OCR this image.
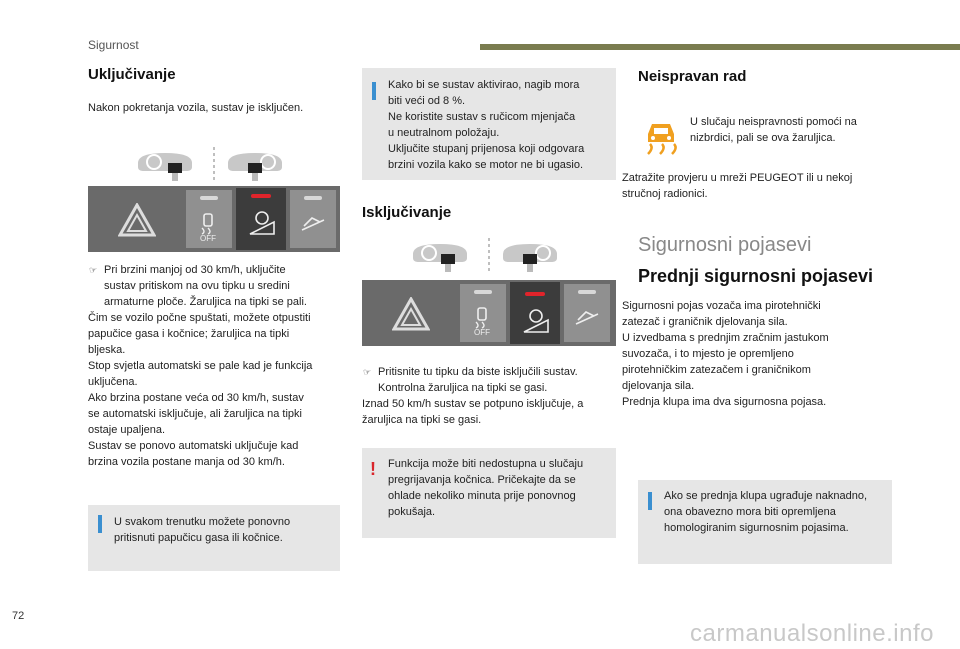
Sigurnost
Uključivanje

Nakon pokretanja vozila, sustav je isključen.

OFF
☞ Pri brzini manjoj od 30 km/h, uključite

sustav pritiskom na ovu tipku u sredini

armaturne ploče. Žaruljica na tipki se pali.

Čim se vozilo počne spuštati, možete otpustiti

papučice gasa i kočnice; žaruljica na tipki

bljeska.

Stop svjetla automatski se pale kad je funkcija

uključena.

Ako brzina postane veća od 30 km/h, sustav

se automatski isključuje, ali žaruljica na tipki

ostaje upaljena.

Sustav se ponovo automatski uključuje kad

brzina vozila postane manja od 30 km/h.

U svakom trenutku možete ponovno

pritisnuti papučicu gasa ili kočnice.

Kako bi se sustav aktivirao, nagib mora

biti veći od 8 %.

Ne koristite sustav s ručicom mjenjača

u neutralnom položaju.

Uključite stupanj prijenosa koji odgovara

brzini vozila kako se motor ne bi ugasio.

Isključivanje
OFF
☞ Pritisnite tu tipku da biste isključili sustav.

Kontrolna žaruljica na tipki se gasi.

Iznad 50 km/h sustav se potpuno isključuje, a

žaruljica na tipki se gasi.

! Funkcija može biti nedostupna u slučaju

pregrijavanja kočnica. Pričekajte da se

ohlade nekoliko minuta prije ponovnog

pokušaja.

Neispravan rad

U slučaju neispravnosti pomoći na

nizbrdici, pali se ova žaruljica.

Zatražite provjeru u mreži PEUGEOT ili u nekoj

stručnoj radionici.

Sigurnosni pojasevi
Prednji sigurnosni pojasevi

Sigurnosni pojas vozača ima pirotehnički

zatezač i graničnik djelovanja sila.

U izvedbama s prednjim zračnim jastukom

suvozača, i to mjesto je opremljeno

pirotehničkim zatezačem i graničnikom

djelovanja sila.

Prednja klupa ima dva sigurnosna pojasa.

Ako se prednja klupa ugrađuje naknadno,

ona obavezno mora biti opremljena

homologiranim sigurnosnim pojasima.

72
carmanualsonline.info
